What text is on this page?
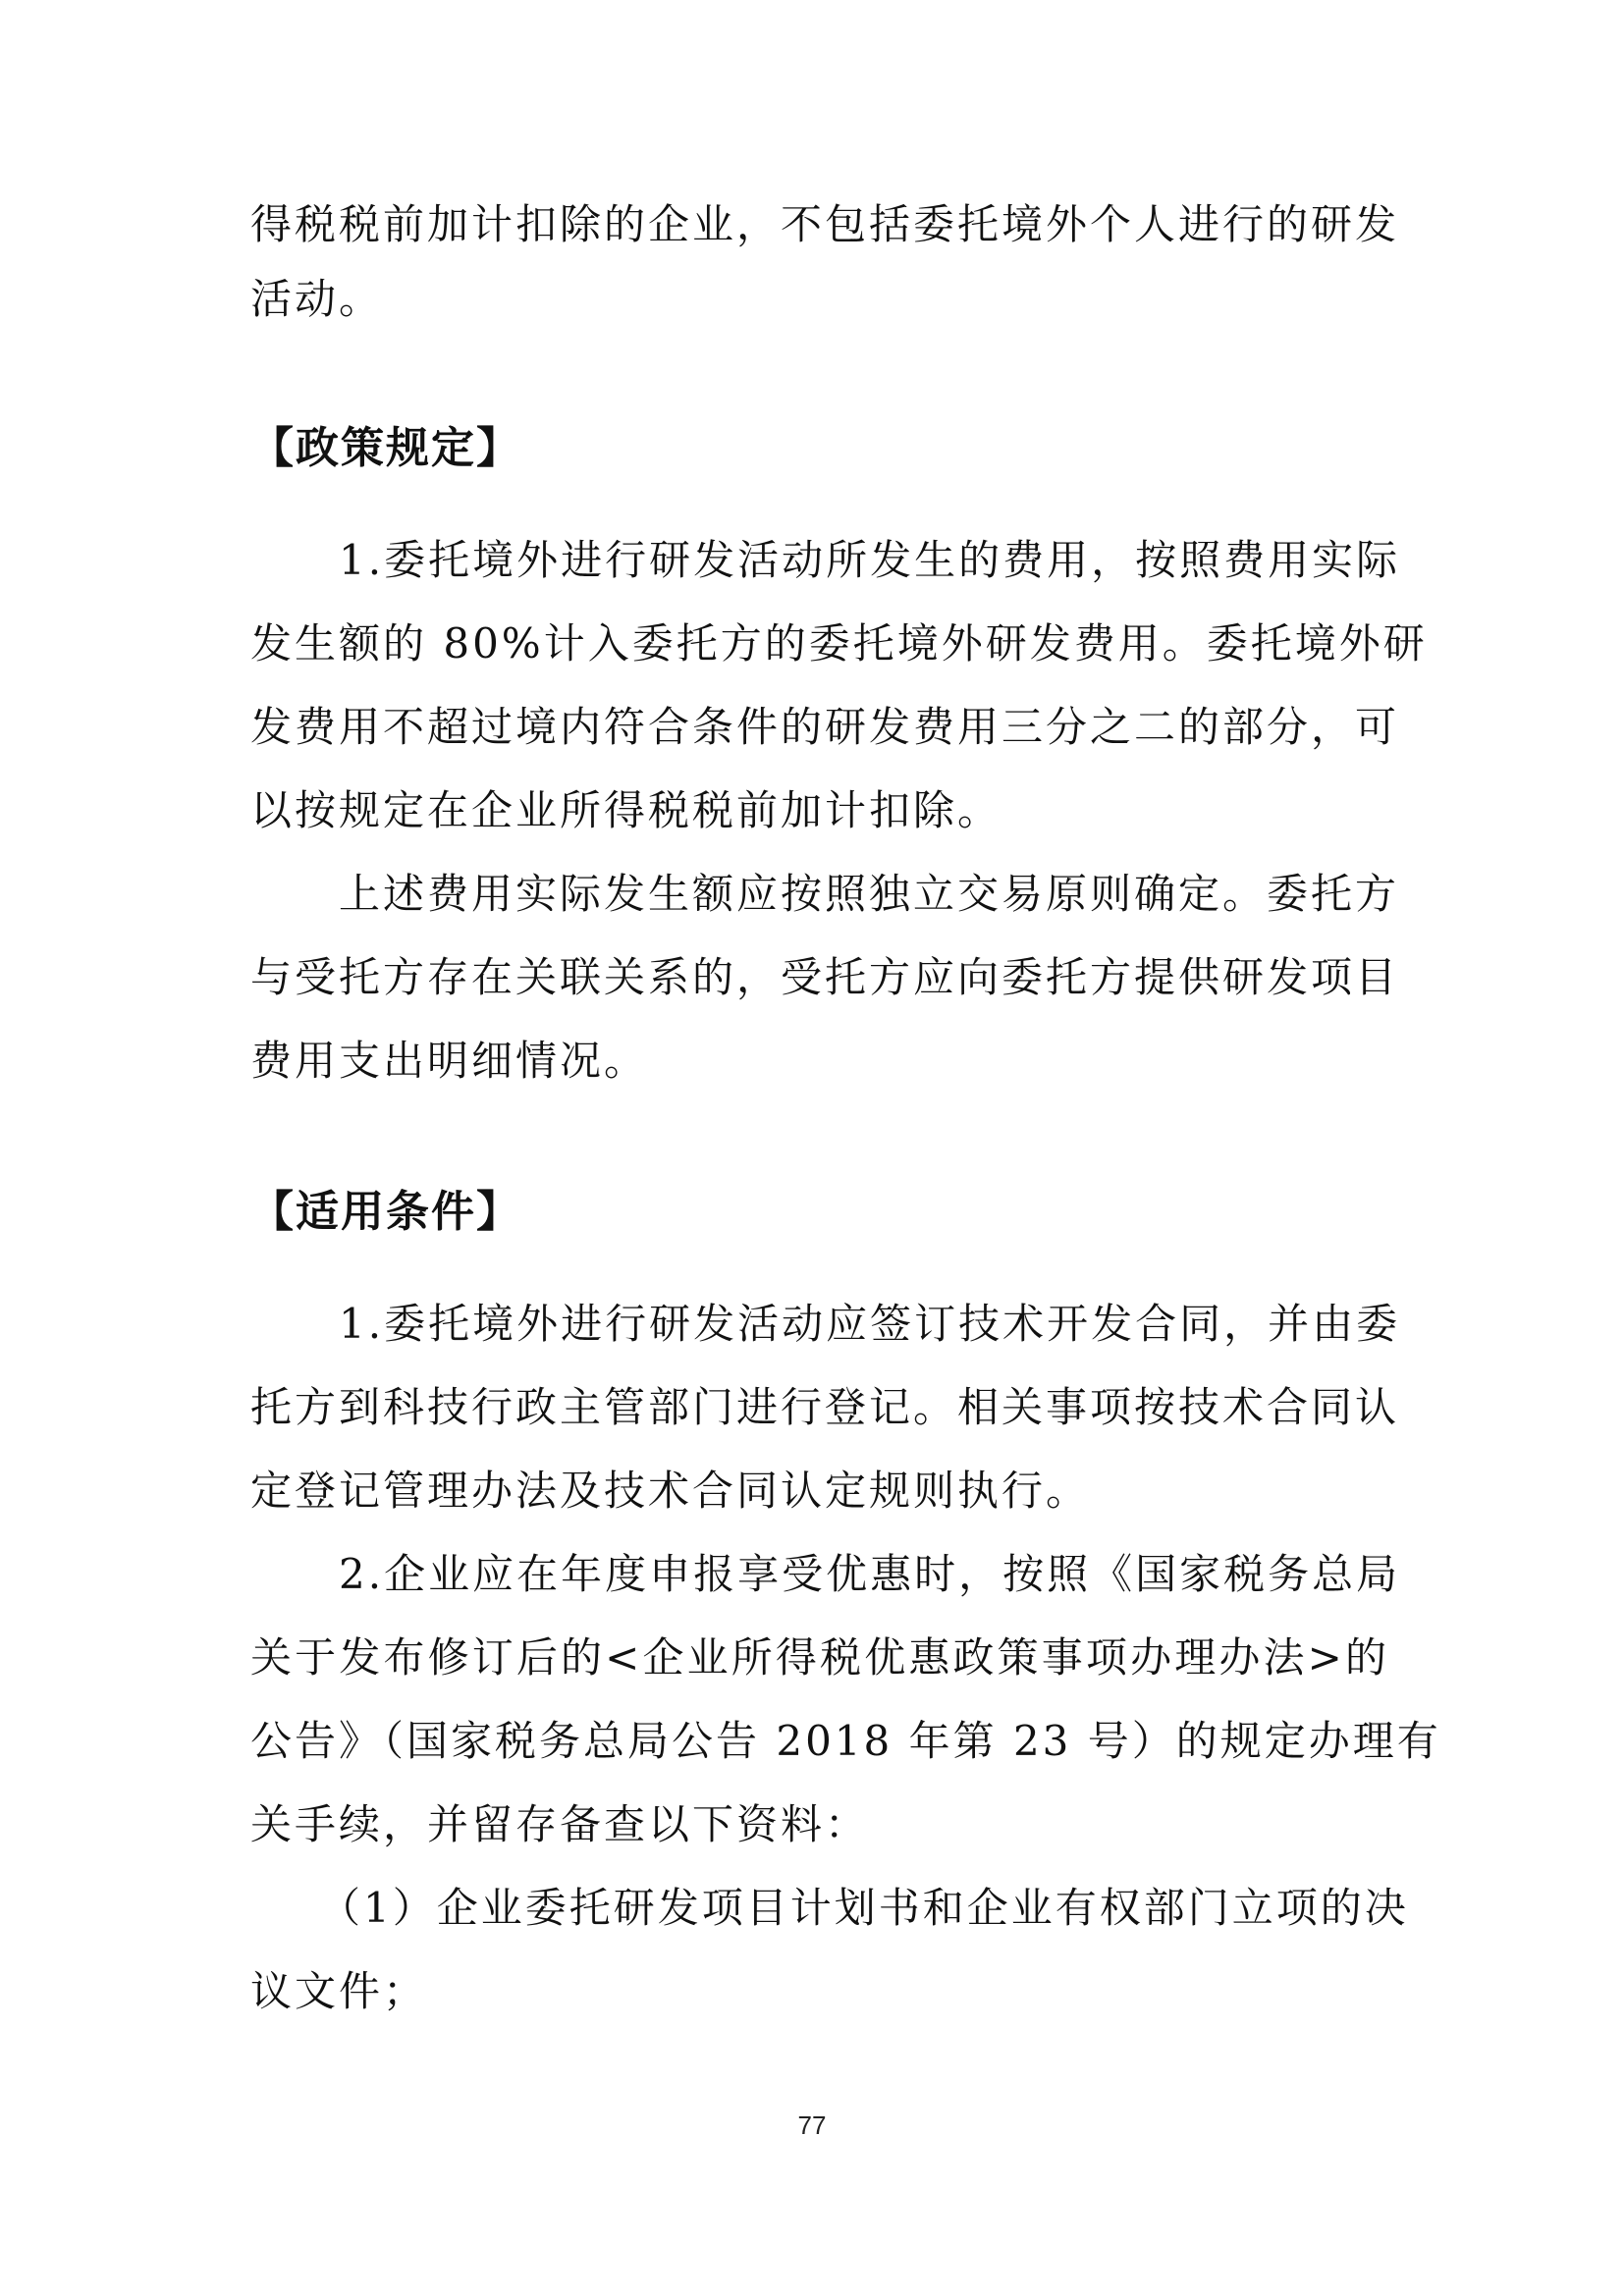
得税税前加计扣除的企业，不包括委托境外个人进行的研发
活动。
【政策规定】
1.委托境外进行研发活动所发生的费用，按照费用实际
发生额的 80%计入委托方的委托境外研发费用。委托境外研
发费用不超过境内符合条件的研发费用三分之二的部分，可
以按规定在企业所得税税前加计扣除。
上述费用实际发生额应按照独立交易原则确定。委托方
与受托方存在关联关系的，受托方应向委托方提供研发项目
费用支出明细情况。
【适用条件】
1.委托境外进行研发活动应签订技术开发合同，并由委
托方到科技行政主管部门进行登记。相关事项按技术合同认
定登记管理办法及技术合同认定规则执行。
2.企业应在年度申报享受优惠时，按照《国家税务总局
关于发布修订后的<企业所得税优惠政策事项办理办法>的
公告》（国家税务总局公告 2018 年第 23 号）的规定办理有
关手续，并留存备查以下资料：
（1）企业委托研发项目计划书和企业有权部门立项的决
议文件；
77
